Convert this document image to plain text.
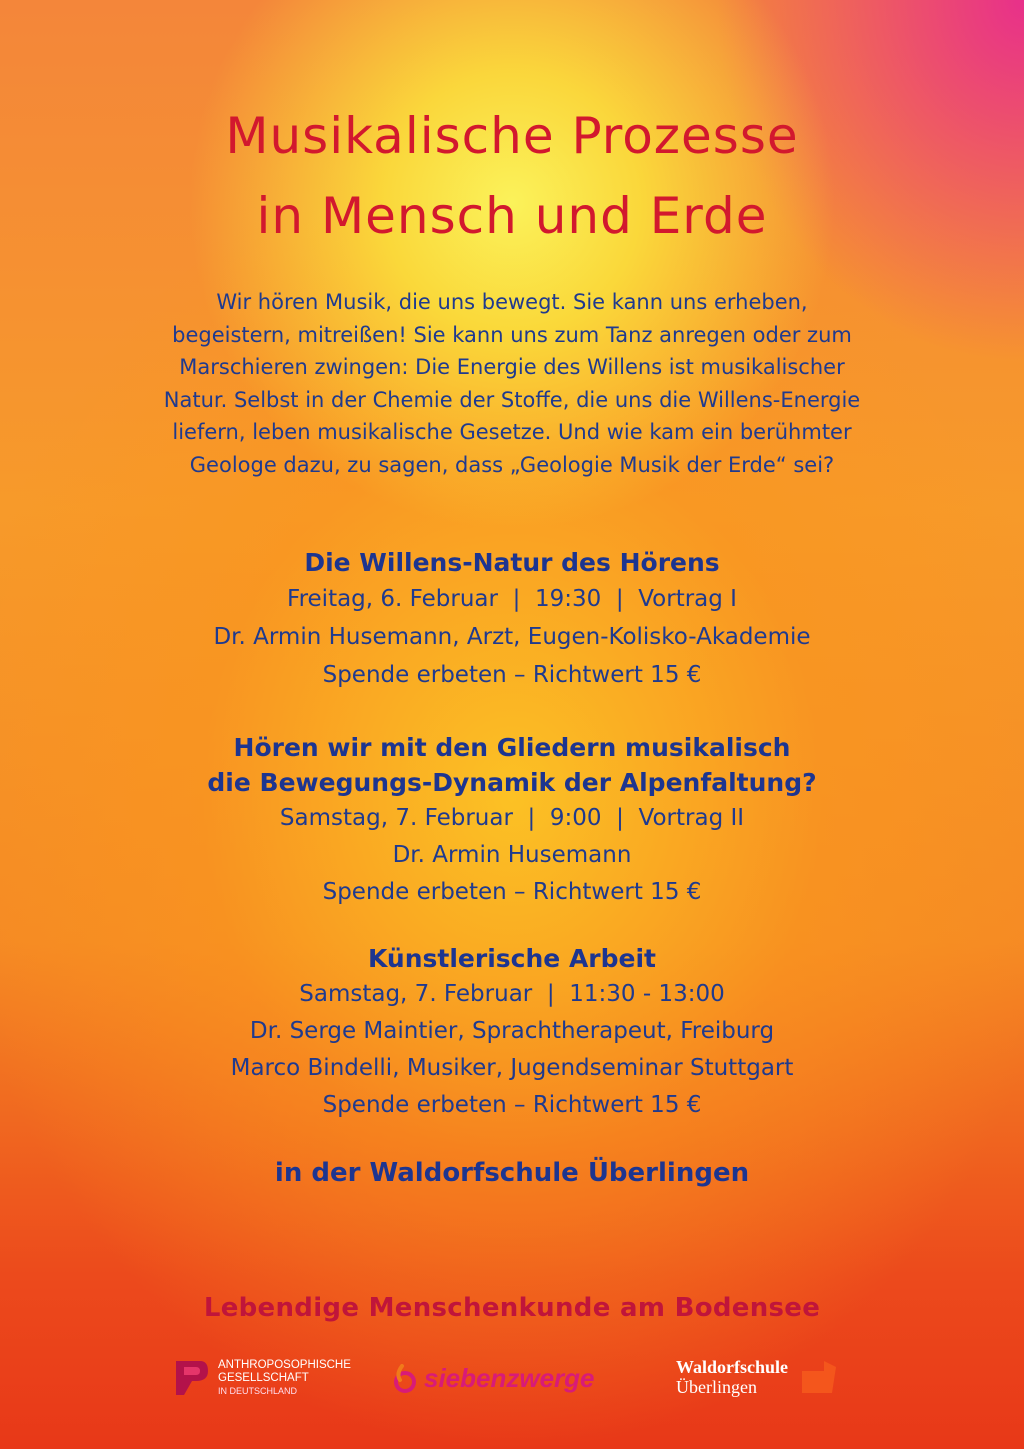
Musikalische Prozesse
in Mensch und Erde
Wir hören Musik, die uns bewegt. Sie kann uns erheben,
begeistern, mitreißen! Sie kann uns zum Tanz anregen oder zum
Marschieren zwingen: Die Energie des Willens ist musikalischer
Natur. Selbst in der Chemie der Stoffe, die uns die Willens-Energie
liefern, leben musikalische Gesetze. Und wie kam ein berühmter
Geologe dazu, zu sagen, dass „Geologie Musik der Erde“ sei?
Die Willens-Natur des Hörens
Freitag, 6. Februar  |  19:30  |  Vortrag I
Dr. Armin Husemann, Arzt, Eugen-Kolisko-Akademie
Spende erbeten – Richtwert 15 €
Hören wir mit den Gliedern musikalisch
die Bewegungs-Dynamik der Alpenfaltung?
Samstag, 7. Februar  |  9:00  |  Vortrag II
Dr. Armin Husemann
Spende erbeten – Richtwert 15 €
Künstlerische Arbeit
Samstag, 7. Februar  |  11:30 - 13:00
Dr. Serge Maintier, Sprachtherapeut, Freiburg
Marco Bindelli, Musiker, Jugendseminar Stuttgart
Spende erbeten – Richtwert 15 €
in der Waldorfschule Überlingen
Lebendige Menschenkunde am Bodensee
ANTHROPOSOPHISCHE
GESELLSCHAFT
IN DEUTSCHLAND	siebenzwerge	Waldorfschule
Überlingen
